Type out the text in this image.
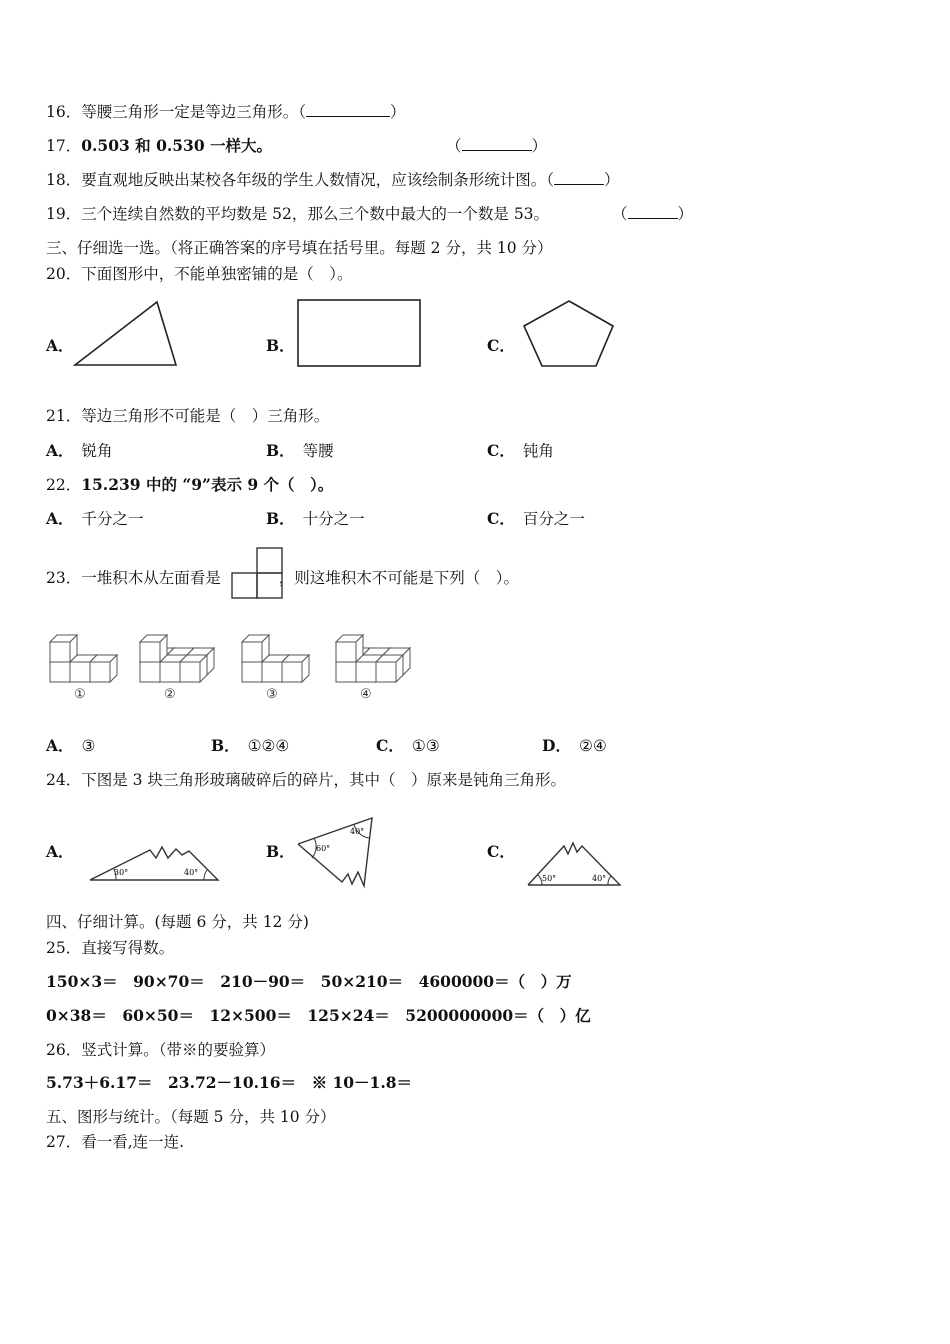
16．等腰三角形一定是等边三角形。（	）
17．0.503 和 0.530 一样大。	（	）
18．要直观地反映出某校各年级的学生人数情况，应该绘制条形统计图。（	）
19．三个连续自然数的平均数是 52，那么三个数中最大的一个数是 53。	（	）
三、仔细选一选。（将正确答案的序号填在括号里。每题 2 分，共 10 分）
20．下面图形中，不能单独密铺的是（　）。
A．	B．	C．
21．等边三角形不可能是（　）三角形。
A． 锐角	B． 等腰	C． 钝角
22．15.239 中的 “9”表示 9 个（　）。
A． 千分之一	B． 十分之一	C． 百分之一
23．一堆积木从左面看是	，则这堆积木不可能是下列（　）。
①	②	③	④
A． ③	B． ①②④	C． ①③	D． ②④
24．下图是 3 块三角形玻璃破碎后的碎片，其中（　）原来是钝角三角形。
A．
30°	40°
B．	60°
40°
C．
50°	40°
四、仔细计算。(每题 6 分，共 12 分)
25．直接写得数。
150×3＝　90×70＝　210－90＝　50×210＝　4600000＝（　）万
0×38＝　60×50＝　12×500＝　125×24＝　5200000000＝（　）亿
26．竖式计算。（带※的要验算）
5.73＋6.17＝　23.72－10.16＝　※ 10－1.8＝
五、图形与统计。（每题 5 分，共 10 分）
27．看一看,连一连.
